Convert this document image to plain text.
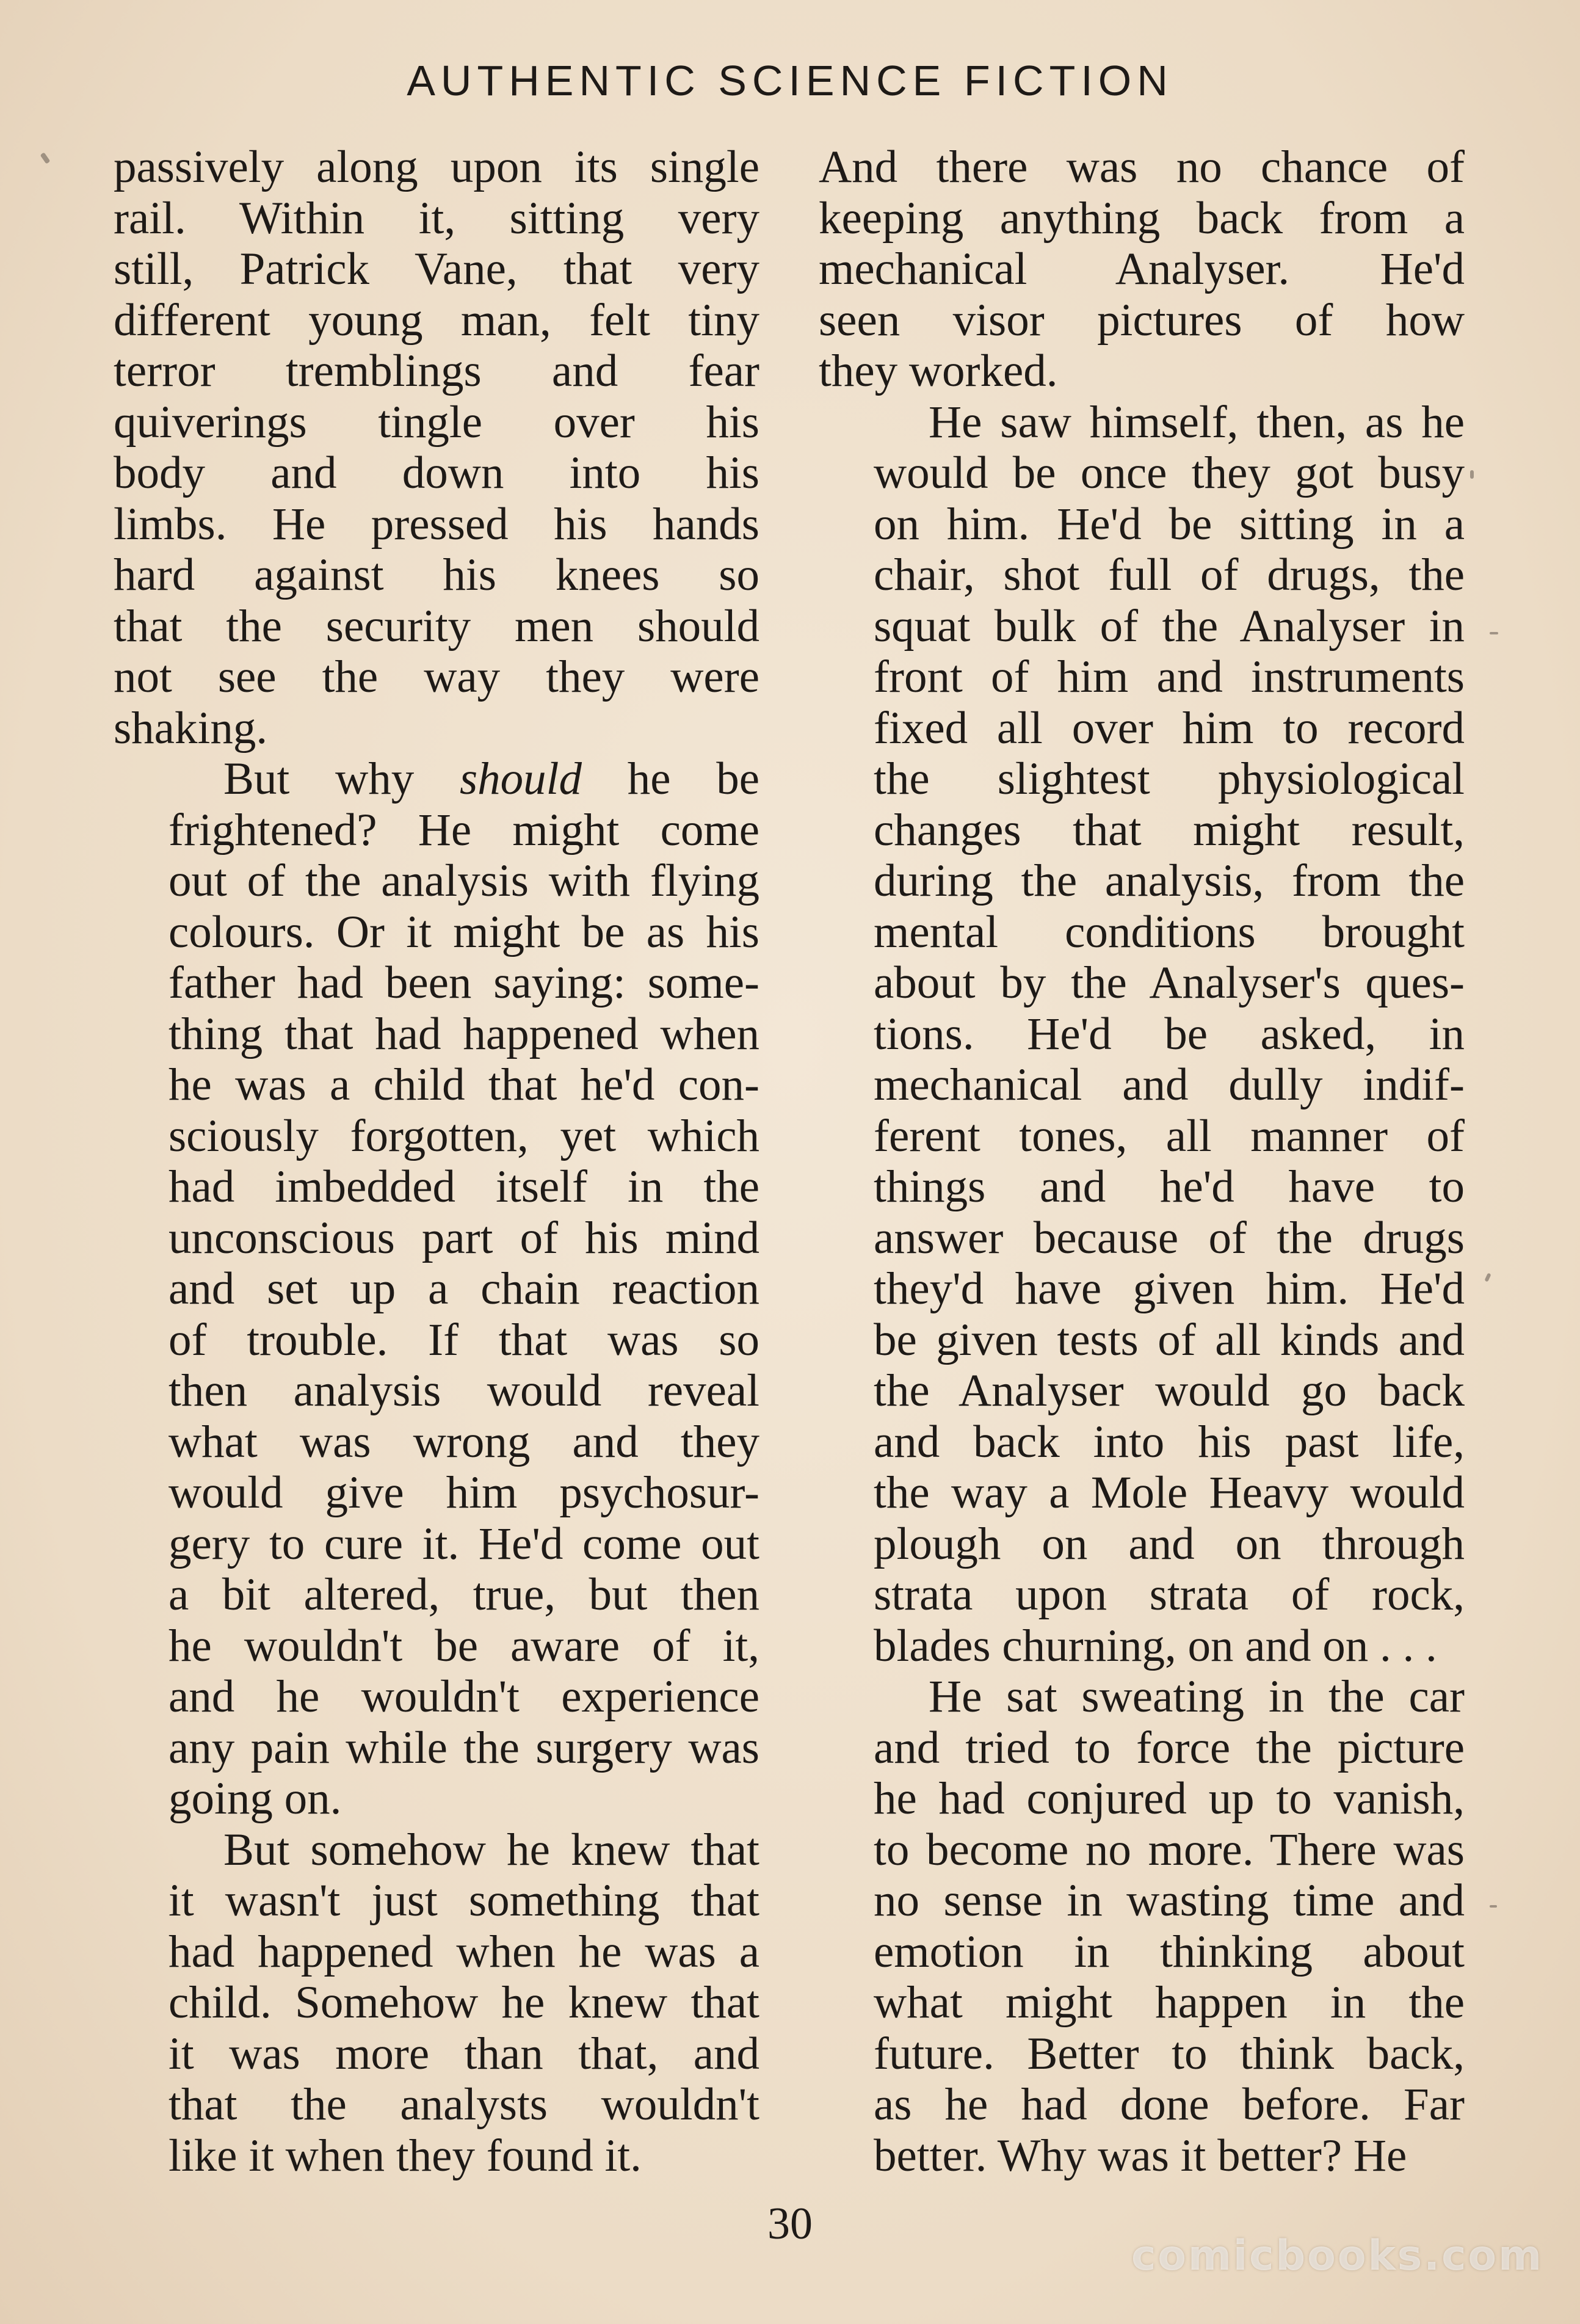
AUTHENTIC SCIENCE FICTION
passively along upon its single
rail. Within it, sitting very
still, Patrick Vane, that very
different young man, felt tiny
terror tremblings and fear
quiverings tingle over his
body and down into his
limbs. He pressed his hands
hard against his knees so
that the security men should
not see the way they were
shaking.
But why should he be
frightened? He might come
out of the analysis with flying
colours. Or it might be as his
father had been saying: some-
thing that had happened when
he was a child that he'd con-
sciously forgotten, yet which
had imbedded itself in the
unconscious part of his mind
and set up a chain reaction
of trouble. If that was so
then analysis would reveal
what was wrong and they
would give him psychosur-
gery to cure it. He'd come out
a bit altered, true, but then
he wouldn't be aware of it,
and he wouldn't experience
any pain while the surgery was
going on.
But somehow he knew that
it wasn't just something that
had happened when he was a
child. Somehow he knew that
it was more than that, and
that the analysts wouldn't
like it when they found it.
And there was no chance of
keeping anything back from a
mechanical Analyser. He'd
seen visor pictures of how
they worked.
He saw himself, then, as he
would be once they got busy
on him. He'd be sitting in a
chair, shot full of drugs, the
squat bulk of the Analyser in
front of him and instruments
fixed all over him to record
the slightest physiological
changes that might result,
during the analysis, from the
mental conditions brought
about by the Analyser's ques-
tions. He'd be asked, in
mechanical and dully indif-
ferent tones, all manner of
things and he'd have to
answer because of the drugs
they'd have given him. He'd
be given tests of all kinds and
the Analyser would go back
and back into his past life,
the way a Mole Heavy would
plough on and on through
strata upon strata of rock,
blades churning, on and on . . .
He sat sweating in the car
and tried to force the picture
he had conjured up to vanish,
to become no more. There was
no sense in wasting time and
emotion in thinking about
what might happen in the
future. Better to think back,
as he had done before. Far
better. Why was it better? He
30
comicbooks.com
